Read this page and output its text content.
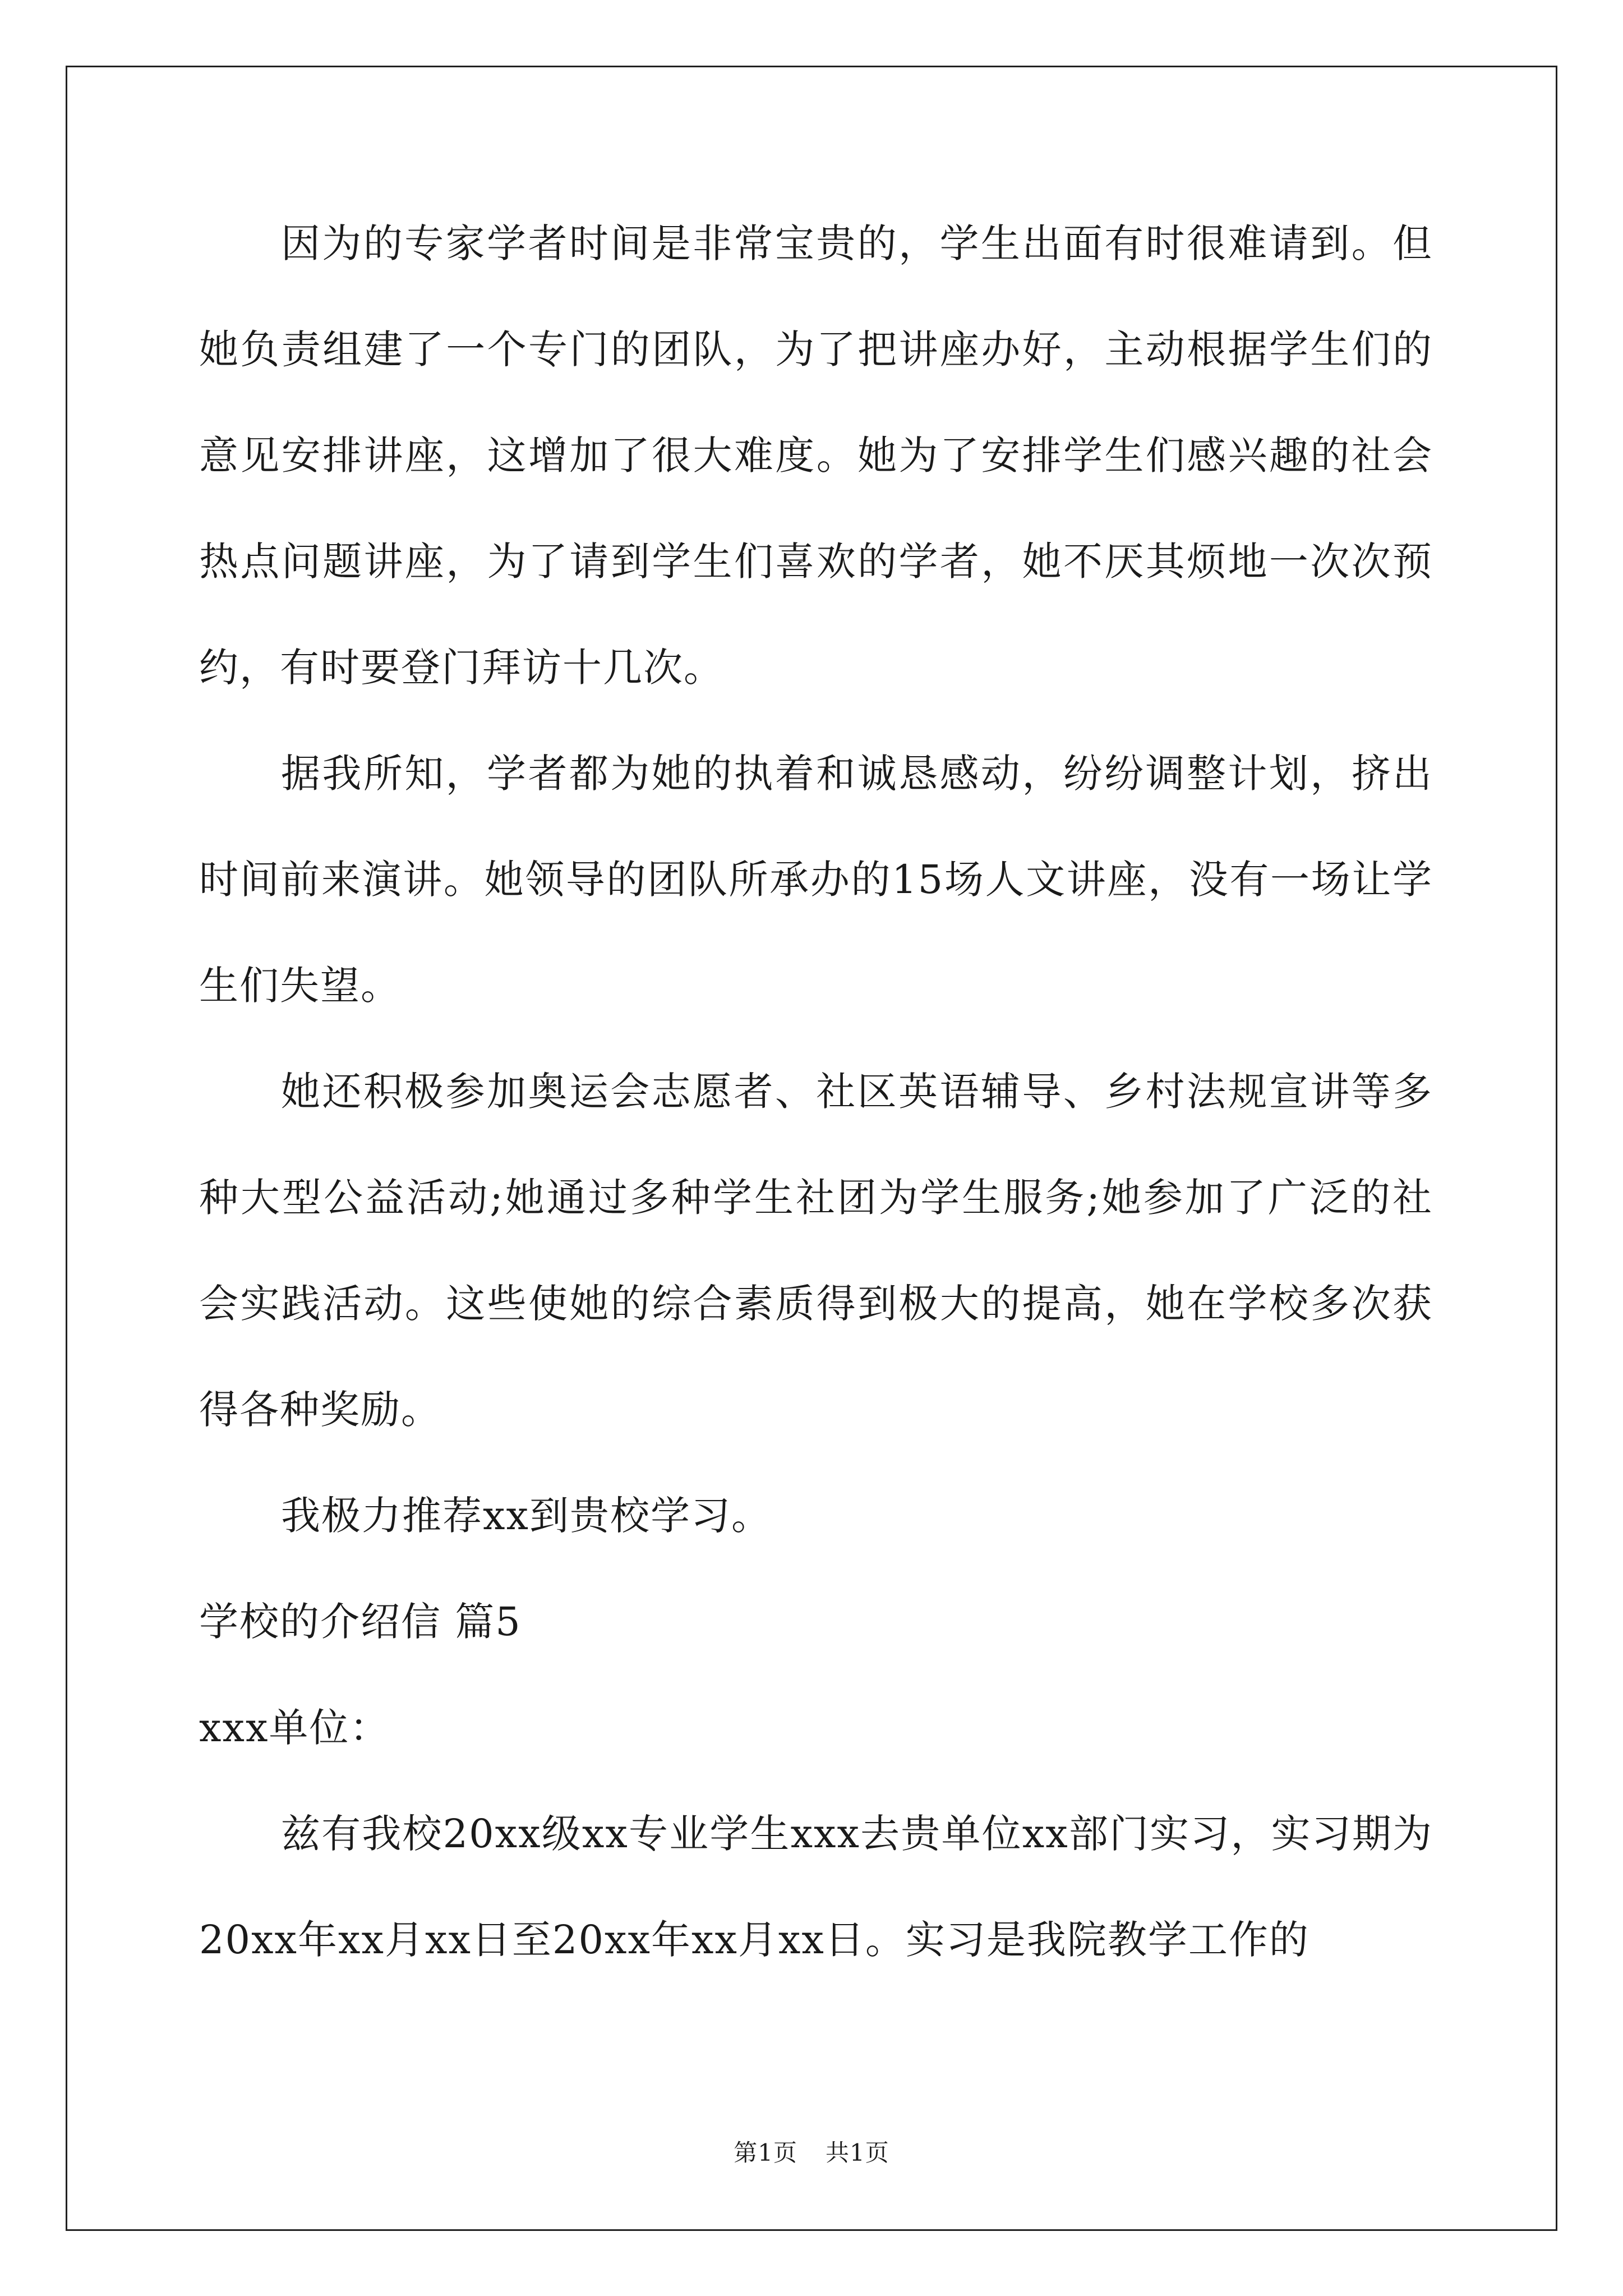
因为的专家学者时间是非常宝贵的，学生出面有时很难请到。但她负责组建了一个专门的团队，为了把讲座办好，主动根据学生们的意见安排讲座，这增加了很大难度。她为了安排学生们感兴趣的社会热点问题讲座，为了请到学生们喜欢的学者，她不厌其烦地一次次预约，有时要登门拜访十几次。

据我所知，学者都为她的执着和诚恳感动，纷纷调整计划，挤出时间前来演讲。她领导的团队所承办的15场人文讲座，没有一场让学生们失望。

她还积极参加奥运会志愿者、社区英语辅导、乡村法规宣讲等多种大型公益活动;她通过多种学生社团为学生服务;她参加了广泛的社会实践活动。这些使她的综合素质得到极大的提高，她在学校多次获得各种奖励。

我极力推荐xx到贵校学习。

学校的介绍信 篇5

xxx单位：

兹有我校20xx级xx专业学生xxx去贵单位xx部门实习，实习期为20xx年xx月xx日至20xx年xx月xx日。实习是我院教学工作的

第1页 共1页
